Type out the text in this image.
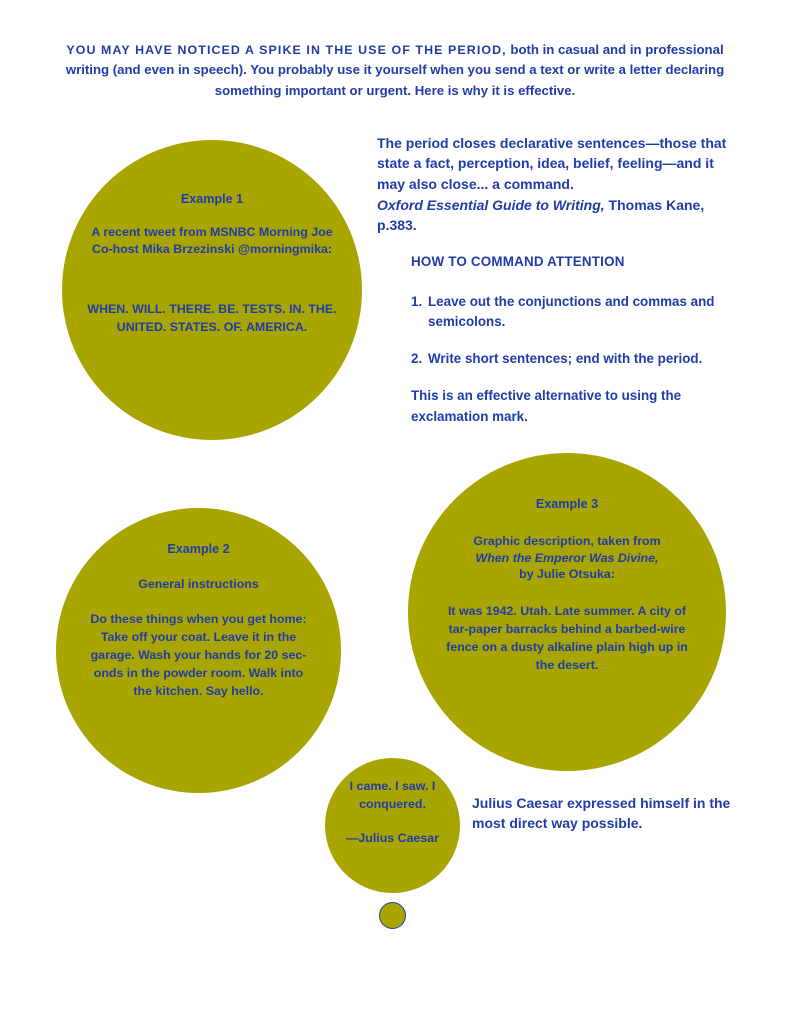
YOU MAY HAVE NOTICED A SPIKE IN THE USE OF THE PERIOD, both in casual and in professional writing (and even in speech). You probably use it yourself when you send a text or write a letter declaring something important or urgent. Here is why it is effective.
Example 1
A recent tweet from MSNBC Morning Joe Co-host Mika Brzezinski @morningmika:
WHEN. WILL. THERE. BE. TESTS. IN. THE. UNITED. STATES. OF. AMERICA.
Example 2
General instructions
Do these things when you get home: Take off your coat. Leave it in the garage. Wash your hands for 20 sec-onds in the powder room. Walk into the kitchen. Say hello.
Example 3
Graphic description, taken from
When the Emperor Was Divine,
by Julie Otsuka:
It was 1942. Utah. Late summer. A city of tar-paper barracks behind a barbed-wire fence on a dusty alkaline plain high up in the desert.
I came. I saw. I conquered.
—Julius Caesar
The period closes declarative sentences—those that state a fact, perception, idea, belief, feeling—and it may also close... a command.
Oxford Essential Guide to Writing, Thomas Kane, p.383.
HOW TO COMMAND ATTENTION
1. Leave out the conjunctions and commas and semicolons.
2. Write short sentences; end with the period.
This is an effective alternative to using the exclamation mark.
Julius Caesar expressed himself in the most direct way possible.
